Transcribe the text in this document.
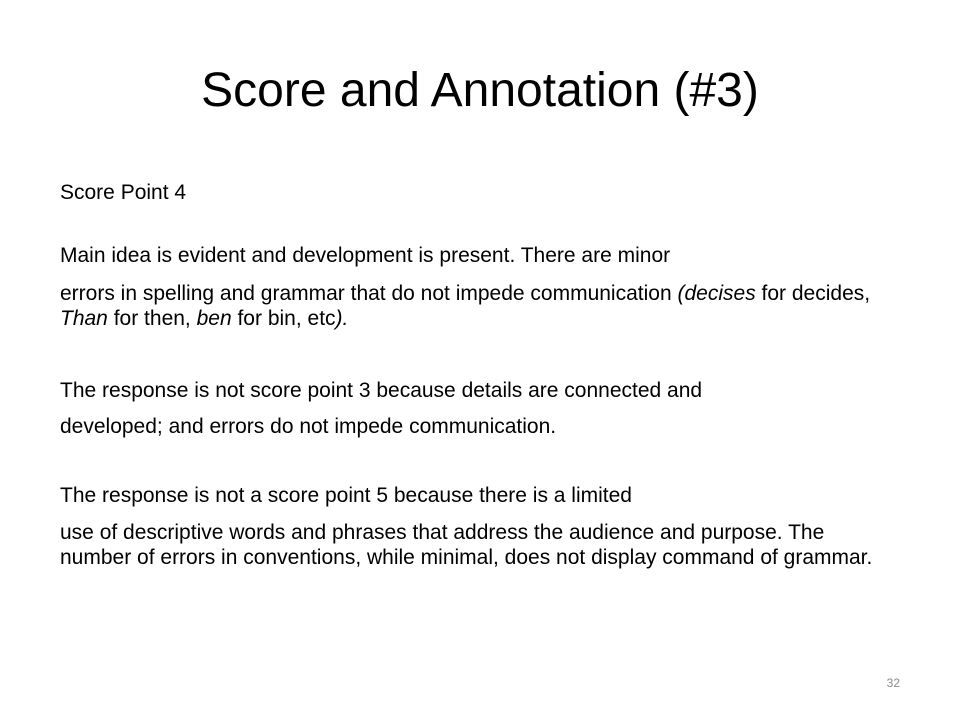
Score and Annotation (#3)

Score Point 4

Main idea is evident and development is present. There are minor

errors in spelling and grammar that do not impede communication (decises for decides, Than for then, ben for bin, etc).

The response is not score point 3 because details are connected and

developed; and errors do not impede communication.

The response is not a score point 5 because there is a limited

use of descriptive words and phrases that address the audience and purpose. The number of errors in conventions, while minimal, does not display command of grammar.

32
